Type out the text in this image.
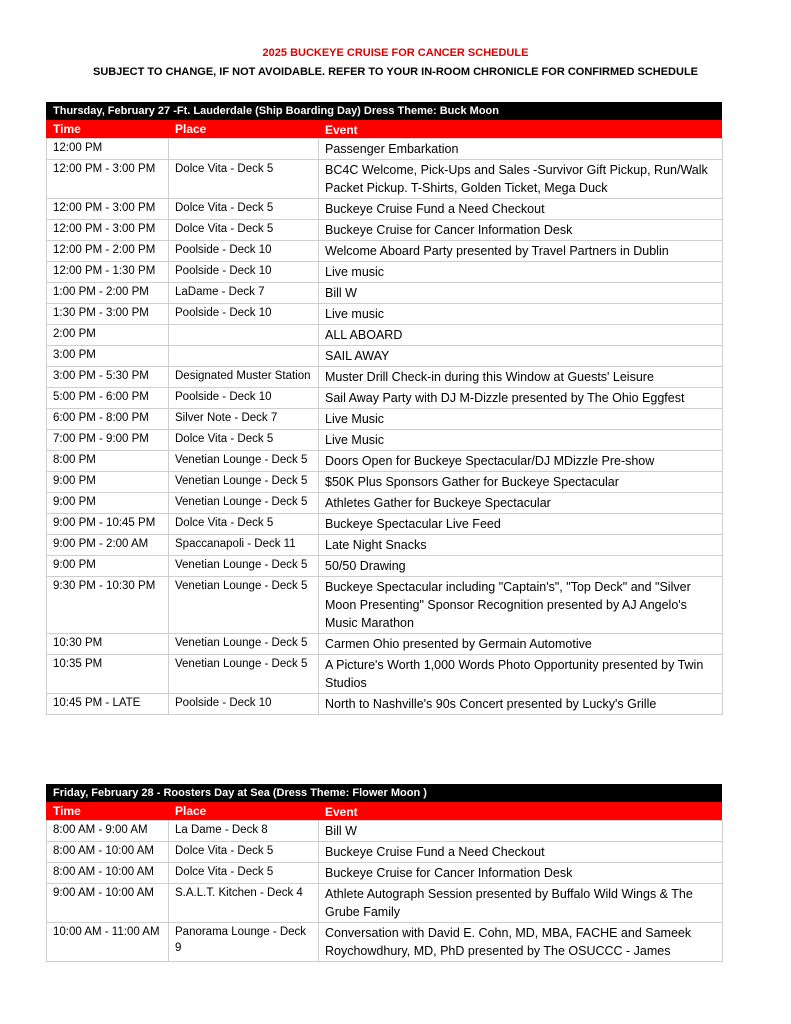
2025 BUCKEYE CRUISE FOR CANCER SCHEDULE
SUBJECT TO CHANGE, IF NOT AVOIDABLE. REFER TO YOUR IN-ROOM CHRONICLE FOR CONFIRMED SCHEDULE
Thursday, February 27 -Ft. Lauderdale (Ship Boarding Day) Dress Theme: Buck Moon
Time	Place	Event
12:00 PM		Passenger Embarkation
12:00 PM - 3:00 PM	Dolce Vita - Deck 5	BC4C Welcome, Pick-Ups and Sales -Survivor Gift Pickup, Run/Walk Packet Pickup. T-Shirts, Golden Ticket, Mega Duck
12:00 PM - 3:00 PM	Dolce Vita - Deck 5	Buckeye Cruise Fund a Need Checkout
12:00 PM - 3:00 PM	Dolce Vita - Deck 5	Buckeye Cruise for Cancer Information Desk
12:00 PM - 2:00 PM	Poolside - Deck 10	Welcome Aboard Party presented by Travel Partners in Dublin
12:00 PM - 1:30 PM	Poolside - Deck 10	Live music
1:00 PM - 2:00 PM	LaDame - Deck 7	Bill W
1:30 PM - 3:00 PM	Poolside - Deck 10	Live music
2:00 PM		ALL ABOARD
3:00 PM		SAIL AWAY
3:00 PM - 5:30 PM	Designated Muster Station	Muster Drill Check-in during this Window at Guests' Leisure
5:00 PM - 6:00 PM	Poolside - Deck 10	Sail Away Party with DJ M-Dizzle presented by The Ohio Eggfest
6:00 PM - 8:00 PM	Silver Note - Deck 7	Live Music
7:00 PM - 9:00 PM	Dolce Vita - Deck 5	Live Music
8:00 PM	Venetian Lounge - Deck 5	Doors Open for Buckeye Spectacular/DJ MDizzle Pre-show
9:00 PM	Venetian Lounge - Deck 5	$50K Plus Sponsors Gather for Buckeye Spectacular
9:00 PM	Venetian Lounge - Deck 5	Athletes Gather for Buckeye Spectacular
9:00 PM - 10:45 PM	Dolce Vita - Deck 5	Buckeye Spectacular Live Feed
9:00 PM - 2:00 AM	Spaccanapoli - Deck 11	Late Night Snacks
9:00 PM	Venetian Lounge - Deck 5	50/50 Drawing
9:30 PM - 10:30 PM	Venetian Lounge - Deck 5	Buckeye Spectacular including "Captain's", "Top Deck" and "Silver Moon Presenting" Sponsor Recognition presented by AJ Angelo's Music Marathon
10:30 PM	Venetian Lounge - Deck 5	Carmen Ohio presented by Germain Automotive
10:35 PM	Venetian Lounge - Deck 5	A Picture's Worth 1,000 Words Photo Opportunity presented by Twin Studios
10:45 PM - LATE	Poolside - Deck 10	North to Nashville's 90s Concert presented by Lucky's Grille
Friday, February 28 - Roosters Day at Sea (Dress Theme: Flower Moon )
Time	Place	Event
8:00 AM - 9:00 AM	La Dame - Deck 8	Bill W
8:00 AM - 10:00 AM	Dolce Vita - Deck 5	Buckeye Cruise Fund a Need Checkout
8:00 AM - 10:00 AM	Dolce Vita - Deck 5	Buckeye Cruise for Cancer Information Desk
9:00 AM - 10:00 AM	S.A.L.T. Kitchen - Deck 4	Athlete Autograph Session presented by Buffalo Wild Wings & The Grube Family
10:00 AM - 11:00 AM	Panorama Lounge - Deck 9	Conversation with David E. Cohn, MD, MBA, FACHE and Sameek Roychowdhury, MD, PhD presented by The OSUCCC - James
